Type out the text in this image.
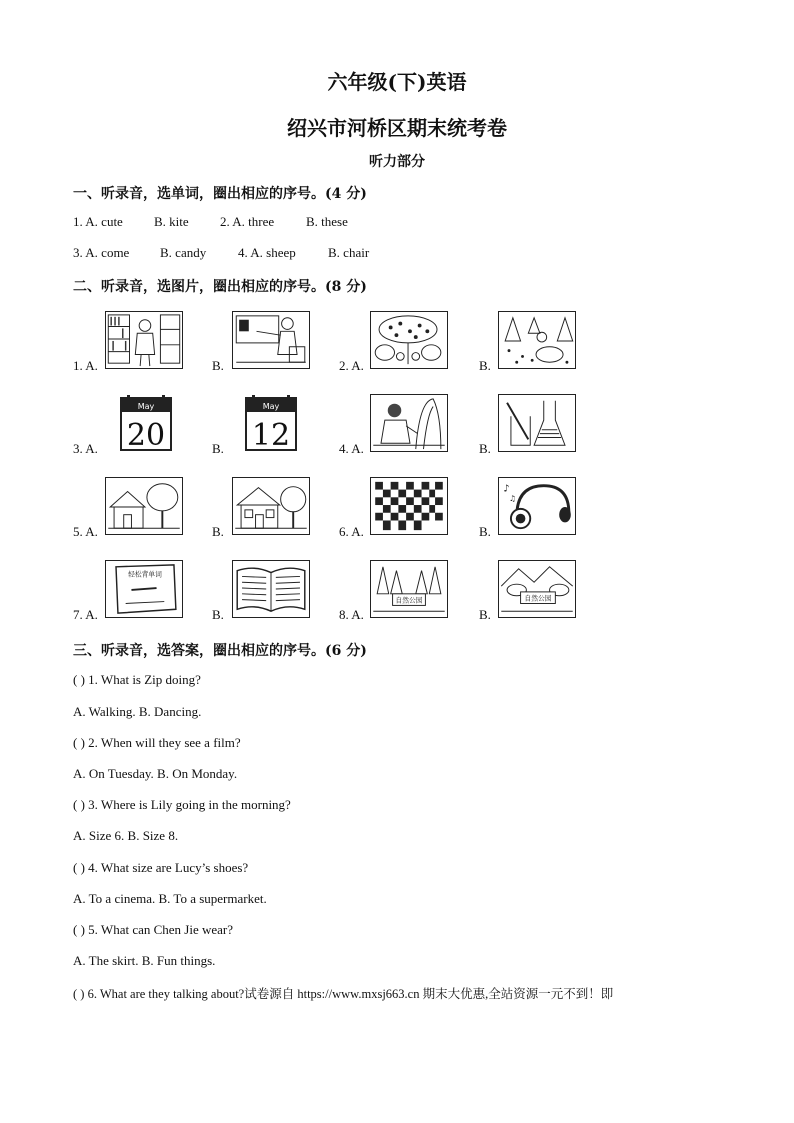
六年级(下)英语
绍兴市河桥区期末统考卷
听力部分
一、听录音，选单词，圈出相应的序号。(4 分)
1. A. cute B. kite 2. A. three B. these
3. A. come B. candy 4. A. sheep B. chair
二、听录音，选图片，圈出相应的序号。(8 分)
1. A.	B.	2. A.	B.
3. A.	B.	4. A.	B.
May
20
May
12
5. A.	B.	6. A.	B.
♪
♫
7. A.	B.	8. A.	B.
轻松背单词
自然公园	自然公园
三、听录音，选答案，圈出相应的序号。(6 分)
( ) 1. What is Zip doing?
A. Walking. B. Dancing.
( ) 2. When will they see a film?
A. On Tuesday. B. On Monday.
( ) 3. Where is Lily going in the morning?
A. Size 6. B. Size 8.
( ) 4. What size are Lucy’s shoes?
A. To a cinema. B. To a supermarket.
( ) 5. What can Chen Jie wear?
A. The skirt. B. Fun things.
( ) 6. What are they talking about?试卷源自 https://www.mxsj663.cn 期末大优惠,全站资源一元不到！即
